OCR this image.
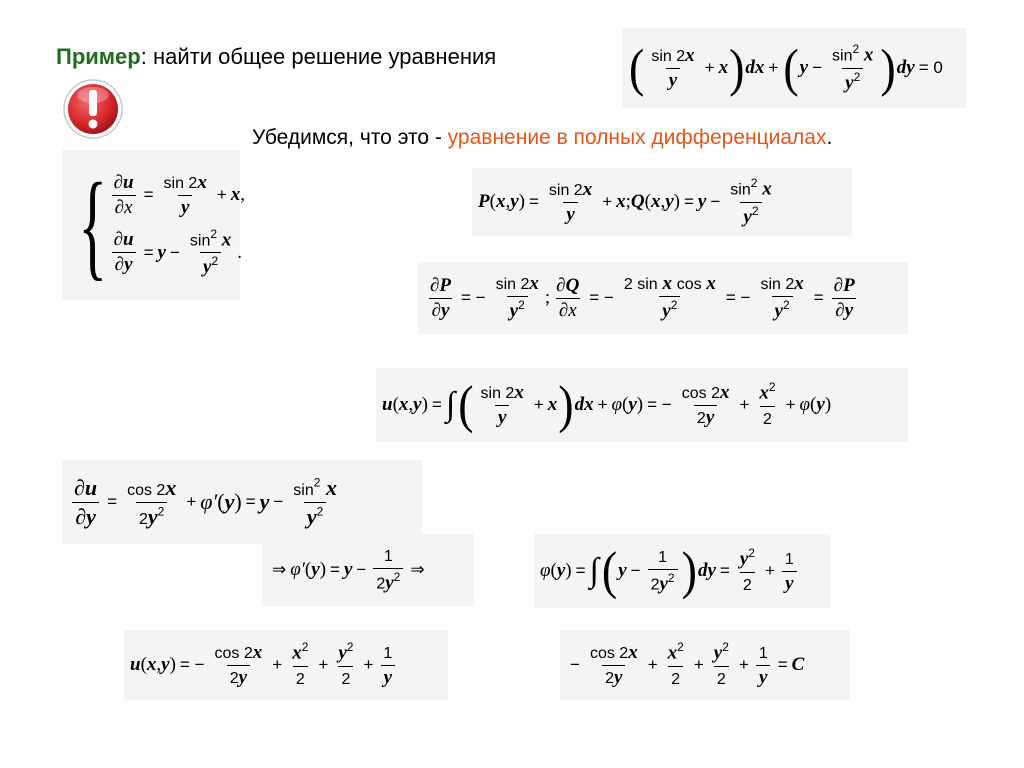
Пример: найти общее решение уравнения	( $\frac{\sin 2x}{y} + x$ ) dx + ( $y - \frac{\sin^2 x}{y^2}$ ) dy = 0
Убедимся, что это - уравнение в полных дифференциалах.
{ $\frac{\partial u}{\partial x} = \frac{\sin 2x}{y} + x$ ,
$\frac{\partial u}{\partial y} = y - \frac{\sin^2 x}{y^2}$ .
P ( x , y ) = $\frac{\sin 2x}{y} + x$ ; Q ( x , y ) = $y - \frac{\sin^2 x}{y^2}$
$\frac{\partial P}{\partial y}$ = − $\frac{\sin 2x}{y^2}$ ; $\frac{\partial Q}{\partial x}$ = − $\frac{\text{2 sin x cos x}}{y^2}$ = − $\frac{\sin 2x}{y^2} = \frac{\partial P}{\partial y}$
u ( x , y ) = ∫ ( $\frac{\sin 2x}{y} + x$ ) dx + φ ( y ) = − $\frac{\cos 2x}{2y} + \frac{x^2}{2} + \varphi$ ( y )
$\frac{\partial u}{\partial y} = \frac{\cos 2x}{2y^2} + \varphi'$ ( y ) = $y - \frac{\sin^2 x}{y^2}$
⇒ φ′ ( y ) = $y - \frac{1}{2y^2}$ ⇒	φ ( y ) = ∫ ( $y - \frac{1}{2y^2}$ ) dy = $\frac{y^2}{2} + \frac{1}{y}$
u ( x , y ) = − $\frac{\cos 2x}{2y} + \frac{x^2}{2} + \frac{y^2}{2} + \frac{1}{y}$	− $\frac{\cos 2x}{2y} + \frac{x^2}{2} + \frac{y^2}{2} + \frac{1}{y} = C$
